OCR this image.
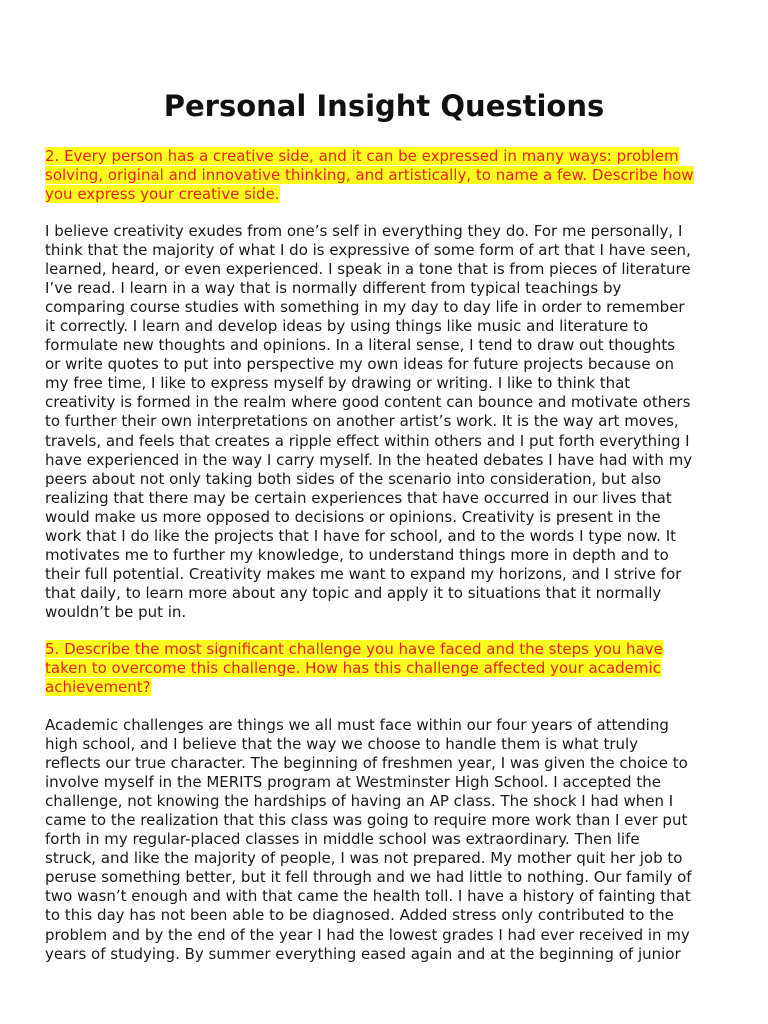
Personal Insight Questions
2. Every person has a creative side, and it can be expressed in many ways: problem
solving, original and innovative thinking, and artistically, to name a few. Describe how
you express your creative side.
I believe creativity exudes from one’s self in everything they do. For me personally, I
think that the majority of what I do is expressive of some form of art that I have seen,
learned, heard, or even experienced. I speak in a tone that is from pieces of literature
I’ve read. I learn in a way that is normally different from typical teachings by
comparing course studies with something in my day to day life in order to remember
it correctly. I learn and develop ideas by using things like music and literature to
formulate new thoughts and opinions. In a literal sense, I tend to draw out thoughts
or write quotes to put into perspective my own ideas for future projects because on
my free time, I like to express myself by drawing or writing. I like to think that
creativity is formed in the realm where good content can bounce and motivate others
to further their own interpretations on another artist’s work. It is the way art moves,
travels, and feels that creates a ripple effect within others and I put forth everything I
have experienced in the way I carry myself. In the heated debates I have had with my
peers about not only taking both sides of the scenario into consideration, but also
realizing that there may be certain experiences that have occurred in our lives that
would make us more opposed to decisions or opinions. Creativity is present in the
work that I do like the projects that I have for school, and to the words I type now. It
motivates me to further my knowledge, to understand things more in depth and to
their full potential. Creativity makes me want to expand my horizons, and I strive for
that daily, to learn more about any topic and apply it to situations that it normally
wouldn’t be put in.
5. Describe the most significant challenge you have faced and the steps you have
taken to overcome this challenge. How has this challenge affected your academic
achievement?
Academic challenges are things we all must face within our four years of attending
high school, and I believe that the way we choose to handle them is what truly
reflects our true character. The beginning of freshmen year, I was given the choice to
involve myself in the MERITS program at Westminster High School. I accepted the
challenge, not knowing the hardships of having an AP class. The shock I had when I
came to the realization that this class was going to require more work than I ever put
forth in my regular-placed classes in middle school was extraordinary. Then life
struck, and like the majority of people, I was not prepared. My mother quit her job to
peruse something better, but it fell through and we had little to nothing. Our family of
two wasn’t enough and with that came the health toll. I have a history of fainting that
to this day has not been able to be diagnosed. Added stress only contributed to the
problem and by the end of the year I had the lowest grades I had ever received in my
years of studying. By summer everything eased again and at the beginning of junior
